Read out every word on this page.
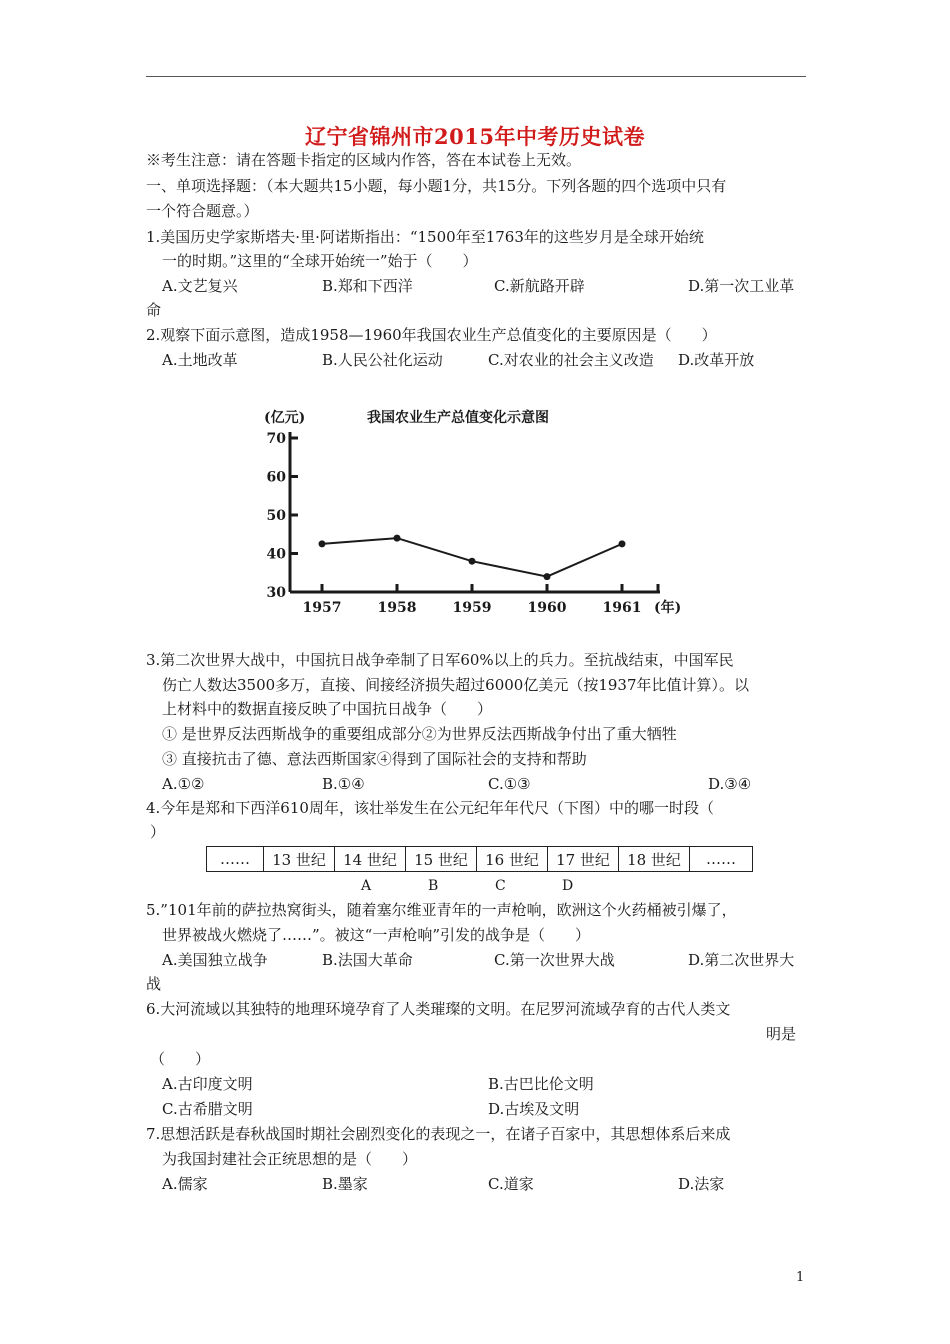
辽宁省锦州市2015年中考历史试卷
※考生注意：请在答题卡指定的区域内作答，答在本试卷上无效。
一、单项选择题：（本大题共15小题，每小题1分，共15分。下列各题的四个选项中只有
一个符合题意。）
1.美国历史学家斯塔夫·里·阿诺斯指出：“1500年至1763年的这些岁月是全球开始统
一的时期。”这里的“全球开始统一”始于（　　）
A.文艺复兴	B.郑和下西洋	C.新航路开辟	D.第一次工业革
命
2.观察下面示意图，造成1958—1960年我国农业生产总值变化的主要原因是（　　）
A.土地改革	B.人民公社化运动	C.对农业的社会主义改造 D.改革开放
(亿元)	我国农业生产总值变化示意图
30
40
50
60
70
1957	1958	1959	1960	1961 (年)
3.第二次世界大战中，中国抗日战争牵制了日军60%以上的兵力。至抗战结束，中国军民
伤亡人数达3500多万，直接、间接经济损失超过6000亿美元（按1937年比值计算）。以
上材料中的数据直接反映了中国抗日战争（　　）
① 是世界反法西斯战争的重要组成部分②为世界反法西斯战争付出了重大牺牲
③ 直接抗击了德、意法西斯国家④得到了国际社会的支持和帮助
A.①②	B.①④	C.①③	D.③④
4.今年是郑和下西洋610周年，该壮举发生在公元纪年年代尺（下图）中的哪一时段（
）
……	13 世纪	14 世纪	15 世纪	16 世纪	17 世纪	18 世纪	……
A	B	C	D
5.”101年前的萨拉热窝街头，随着塞尔维亚青年的一声枪响，欧洲这个火药桶被引爆了，
世界被战火燃烧了……”。被这“一声枪响”引发的战争是（　　）
A.美国独立战争	B.法国大革命	C.第一次世界大战	D.第二次世界大
战
6.大河流域以其独特的地理环境孕育了人类璀璨的文明。在尼罗河流域孕育的古代人类文
明是
（　　）
A.古印度文明	B.古巴比伦文明
C.古希腊文明	D.古埃及文明
7.思想活跃是春秋战国时期社会剧烈变化的表现之一，在诸子百家中，其思想体系后来成
为我国封建社会正统思想的是（　　）
A.儒家	B.墨家	C.道家	D.法家
1
